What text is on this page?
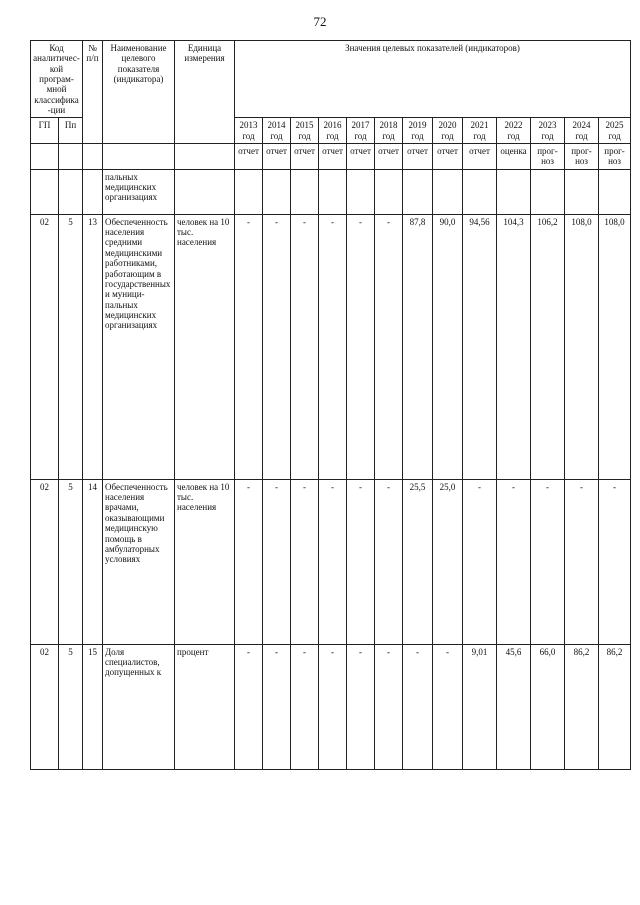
72
Код аналитичес-кой програм-мной классифика-ции		№ п/п	Наименование целевого показателя (индикатора)	Единица измерения	Значения целевых показателей (индикаторов)												
ГП	Пп				2013 год	2014 год	2015 год	2016 год	2017 год	2018 год	2019 год	2020 год	2021 год	2022 год	2023 год	2024 год	2025 год
					отчет	отчет	отчет	отчет	отчет	отчет	отчет	отчет	отчет	оценка	прог-ноз	прог-ноз	прог-ноз
			пальных медицинских организациях														
02	5	13	Обеспеченность населения средними медицинскими работниками, работающим в государственных и муници-пальных медицинских организациях	человек на 10 тыс. населения	-	-	-	-	-	-	87,8	90,0	94,56	104,3	106,2	108,0	108,0
02	5	14	Обеспеченность населения врачами, оказывающими медицинскую помощь в амбулаторных условиях	человек на 10 тыс. населения	-	-	-	-	-	-	25,5	25,0	-	-	-	-	-
02	5	15	Доля специалистов, допущенных к	процент	-	-	-	-	-	-	-	-	9,01	45,6	66,0	86,2	86,2
